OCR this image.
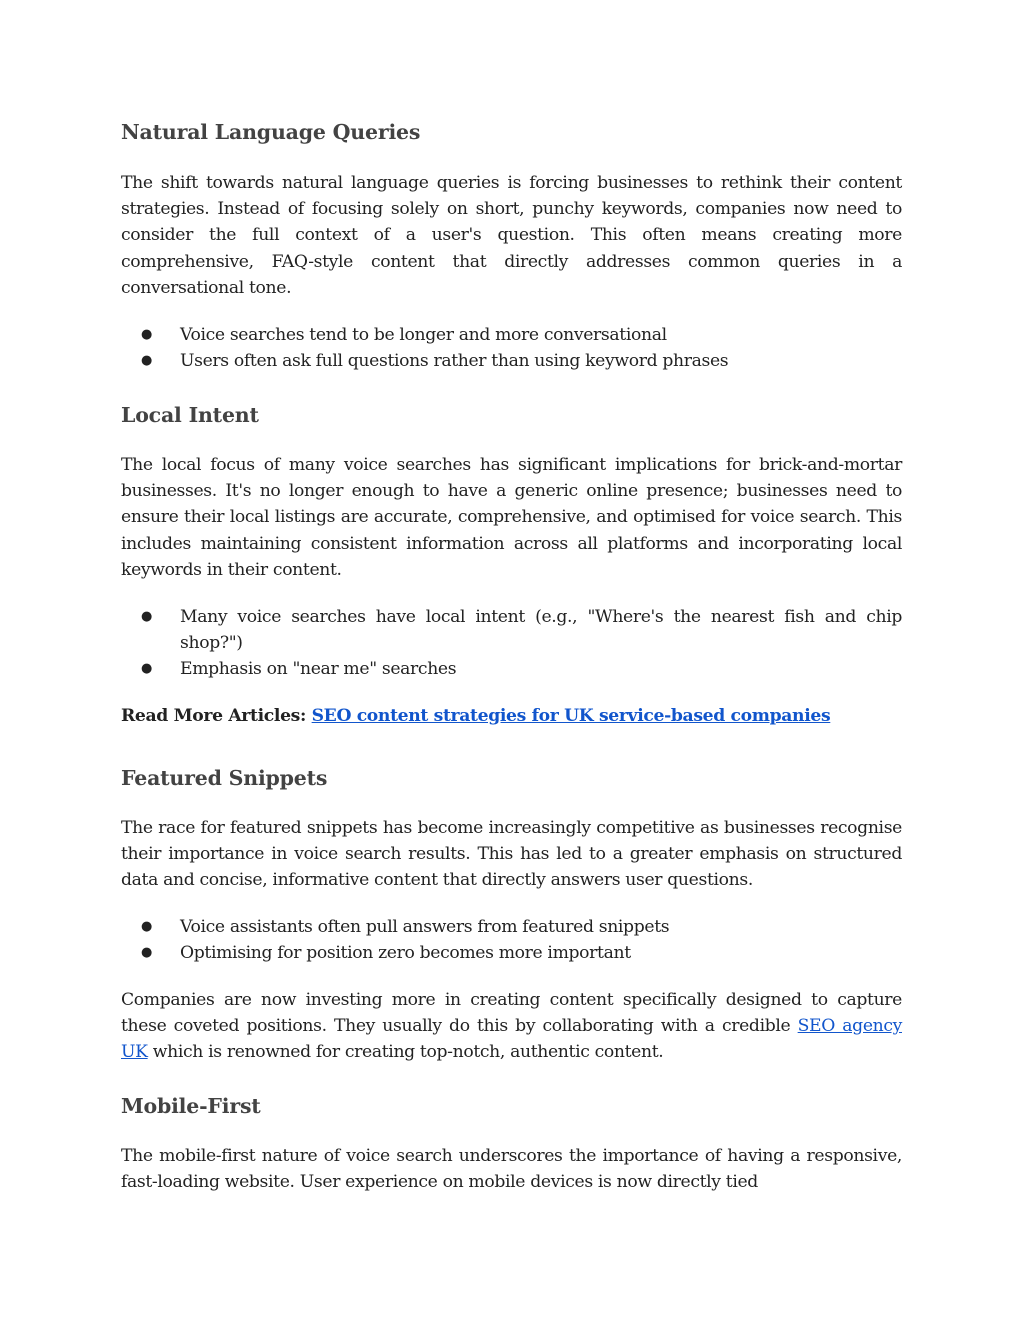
Natural Language Queries

The shift towards natural language queries is forcing businesses to rethink their content strategies. Instead of focusing solely on short, punchy keywords, companies now need to consider the full context of a user's question. This often means creating more comprehensive, FAQ-style content that directly addresses common queries in a conversational tone.

● Voice searches tend to be longer and more conversational
● Users often ask full questions rather than using keyword phrases
Local Intent

The local focus of many voice searches has significant implications for brick-and-mortar businesses. It's no longer enough to have a generic online presence; businesses need to ensure their local listings are accurate, comprehensive, and optimised for voice search. This includes maintaining consistent information across all platforms and incorporating local keywords in their content.

● Many voice searches have local intent (e.g., "Where's the nearest fish and chip shop?")
● Emphasis on "near me" searches

Read More Articles: SEO content strategies for UK service-based companies

Featured Snippets

The race for featured snippets has become increasingly competitive as businesses recognise their importance in voice search results. This has led to a greater emphasis on structured data and concise, informative content that directly answers user questions.

● Voice assistants often pull answers from featured snippets
● Optimising for position zero becomes more important

Companies are now investing more in creating content specifically designed to capture these coveted positions. They usually do this by collaborating with a credible SEO agency UK which is renowned for creating top-notch, authentic content.

Mobile-First

The mobile-first nature of voice search underscores the importance of having a responsive, fast-loading website. User experience on mobile devices is now directly tied
